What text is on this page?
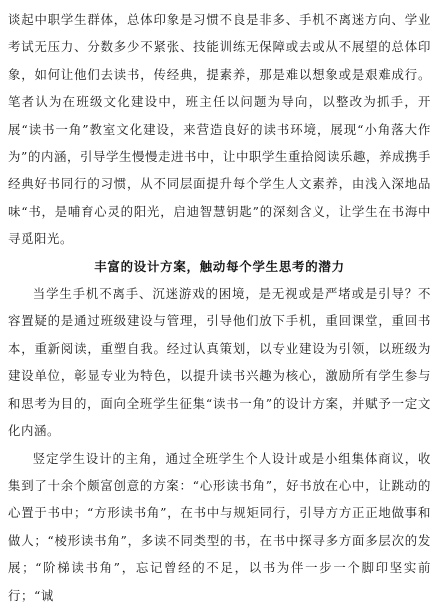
谈起中职学生群体，总体印象是习惯不良是非多、手机不离迷方向、学业考试无压力、分数多少不紧张、技能训练无保障或去或从不展望的总体印象，如何让他们去读书，传经典，提素养，那是难以想象或是艰难成行。笔者认为在班级文化建设中，班主任以问题为导向，以整改为抓手，开展“读书一角”教室文化建设，来营造良好的读书环境，展现“小角落大作为”的内涵，引导学生慢慢走进书中，让中职学生重拾阅读乐趣，养成携手经典好书同行的习惯，从不同层面提升每个学生人文素养，由浅入深地品味“书，是哺育心灵的阳光，启迪智慧钥匙”的深刻含义，让学生在书海中寻觅阳光。

丰富的设计方案，触动每个学生思考的潜力

当学生手机不离手、沉迷游戏的困境，是无视或是严堵或是引导？不容置疑的是通过班级建设与管理，引导他们放下手机，重回课堂，重回书本，重新阅读，重塑自我。经过认真策划，以专业建设为引领，以班级为建设单位，彰显专业为特色，以提升读书兴趣为核心，激励所有学生参与和思考为目的，面向全班学生征集“读书一角”的设计方案，并赋予一定文化内涵。

竖定学生设计的主角，通过全班学生个人设计或是小组集体商议，收集到了十余个颇富创意的方案：“心形读书角”，好书放在心中，让跳动的心置于书中；“方形读书角”，在书中与规矩同行，引导方方正正地做事和做人；“棱形读书角”，多读不同类型的书，在书中探寻多方面多层次的发展；“阶梯读书角”，忘记曾经的不足，以书为伴一步一个脚印坚实前行；“诚
